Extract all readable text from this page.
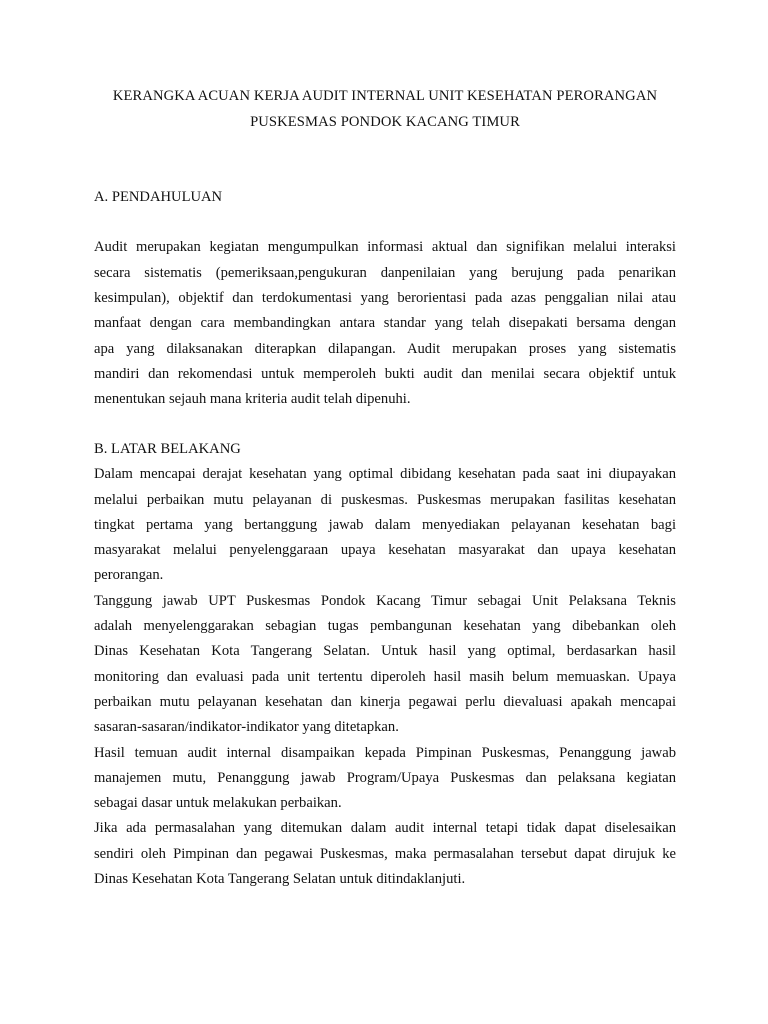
KERANGKA ACUAN KERJA AUDIT INTERNAL UNIT KESEHATAN PERORANGAN
PUSKESMAS PONDOK KACANG TIMUR
A. PENDAHULUAN
Audit merupakan kegiatan mengumpulkan informasi aktual dan signifikan melalui interaksi
secara sistematis (pemeriksaan,pengukuran danpenilaian yang berujung pada penarikan
kesimpulan), objektif dan terdokumentasi yang berorientasi pada azas penggalian nilai atau
manfaat dengan cara membandingkan antara standar yang telah disepakati bersama dengan
apa yang dilaksanakan diterapkan dilapangan. Audit merupakan proses yang sistematis
mandiri dan rekomendasi untuk memperoleh bukti audit dan menilai secara objektif untuk
menentukan sejauh mana kriteria audit telah dipenuhi.
B. LATAR BELAKANG
Dalam mencapai derajat kesehatan yang optimal dibidang kesehatan pada saat ini diupayakan
melalui perbaikan mutu pelayanan di puskesmas. Puskesmas merupakan fasilitas kesehatan
tingkat pertama yang bertanggung jawab dalam menyediakan pelayanan kesehatan bagi
masyarakat melalui penyelenggaraan upaya kesehatan masyarakat dan upaya kesehatan
perorangan.
Tanggung jawab UPT Puskesmas Pondok Kacang Timur sebagai Unit Pelaksana Teknis
adalah menyelenggarakan sebagian tugas pembangunan kesehatan yang dibebankan oleh
Dinas Kesehatan Kota Tangerang Selatan. Untuk hasil yang optimal, berdasarkan hasil
monitoring dan evaluasi pada unit tertentu diperoleh hasil masih belum memuaskan. Upaya
perbaikan mutu pelayanan kesehatan dan kinerja pegawai perlu dievaluasi apakah mencapai
sasaran-sasaran/indikator-indikator yang ditetapkan.
Hasil temuan audit internal disampaikan kepada Pimpinan Puskesmas, Penanggung jawab
manajemen mutu, Penanggung jawab Program/Upaya Puskesmas dan pelaksana kegiatan
sebagai dasar untuk melakukan perbaikan.
Jika ada permasalahan yang ditemukan dalam audit internal tetapi tidak dapat diselesaikan
sendiri oleh Pimpinan dan pegawai Puskesmas, maka permasalahan tersebut dapat dirujuk ke
Dinas Kesehatan Kota Tangerang Selatan untuk ditindaklanjuti.
